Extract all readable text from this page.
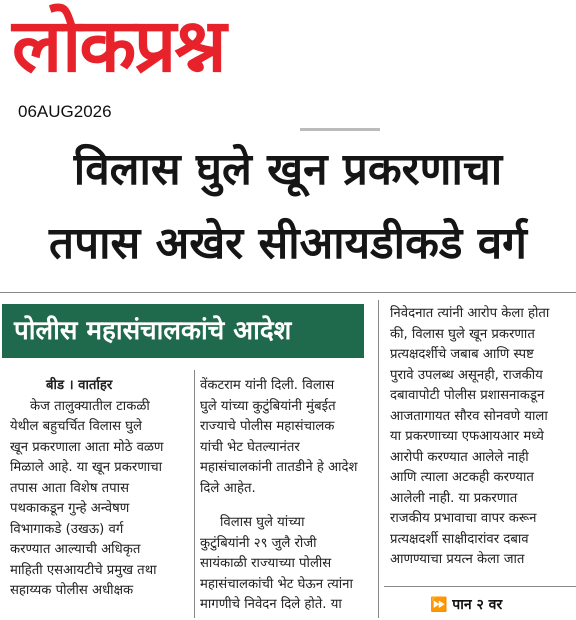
लोकप्रश्न
06AUG2026
विलास घुले खून प्रकरणाचा
तपास अखेर सीआयडीकडे वर्ग
पोलीस महासंचालकांचे आदेश

बीड । वार्ताहर

केज तालुक्यातील टाकळी

येथील बहुचर्चित विलास घुले

खून प्रकरणाला आता मोठे वळण

मिळाले आहे. या खून प्रकरणाचा

तपास आता विशेष तपास

पथकाकडून गुन्हे अन्वेषण

विभागाकडे (उखऊ) वर्ग

करण्यात आल्याची अधिकृत

माहिती एसआयटीचे प्रमुख तथा

सहाय्यक पोलीस अधीक्षक

वेंकटराम यांनी दिली. विलास

घुले यांच्या कुटुंबियांनी मुंबईत

राज्याचे पोलीस महासंचालक

यांची भेट घेतल्यानंतर

महासंचालकांनी तातडीने हे आदेश

दिले आहेत.

विलास घुले यांच्या

कुटुंबियांनी २९ जुलै रोजी

सायंकाळी राज्याच्या पोलीस

महासंचालकांची भेट घेऊन त्यांना

मागणीचे निवेदन दिले होते. या

निवेदनात त्यांनी आरोप केला होता

की, विलास घुले खून प्रकरणात

प्रत्यक्षदर्शीचे जबाब आणि स्पष्ट

पुरावे उपलब्ध असूनही, राजकीय

दबावापोटी पोलीस प्रशासनाकडून

आजतागायत सौरव सोनवणे याला

या प्रकरणाच्या एफआयआर मध्ये

आरोपी करण्यात आलेले नाही

आणि त्याला अटकही करण्यात

आलेली नाही. या प्रकरणात

राजकीय प्रभावाचा वापर करून

प्रत्यक्षदर्शी साक्षीदारांवर दबाव

आणण्याचा प्रयत्न केला जात

⏩ पान २ वर
